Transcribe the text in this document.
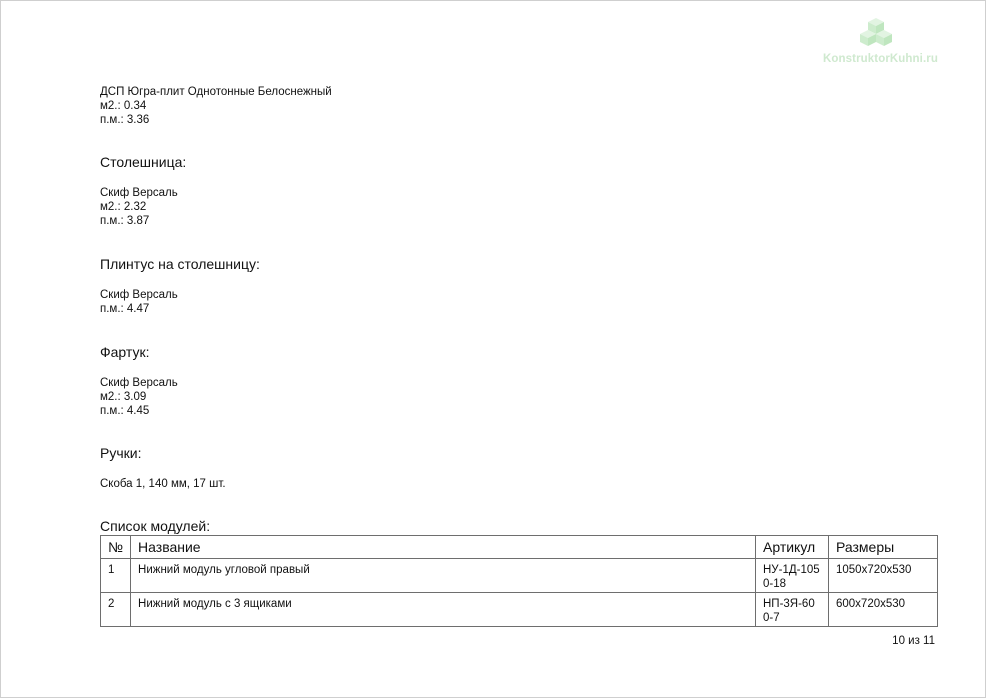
KonstruktorKuhni.ru
ДСП Югра-плит Однотонные Белоснежный
м2.: 0.34
п.м.: 3.36
Столешница:
Скиф Версаль
м2.: 2.32
п.м.: 3.87
Плинтус на столешницу:
Скиф Версаль
п.м.: 4.47
Фартук:
Скиф Версаль
м2.: 3.09
п.м.: 4.45
Ручки:
Скоба 1, 140 мм, 17 шт.
Список модулей:
№	Название	Артикул	Размеры
1	Нижний модуль угловой правый	НУ-1Д-1050-18	1050х720х530
2	Нижний модуль с 3 ящиками	НП-3Я-600-7	600х720х530
10 из 11
